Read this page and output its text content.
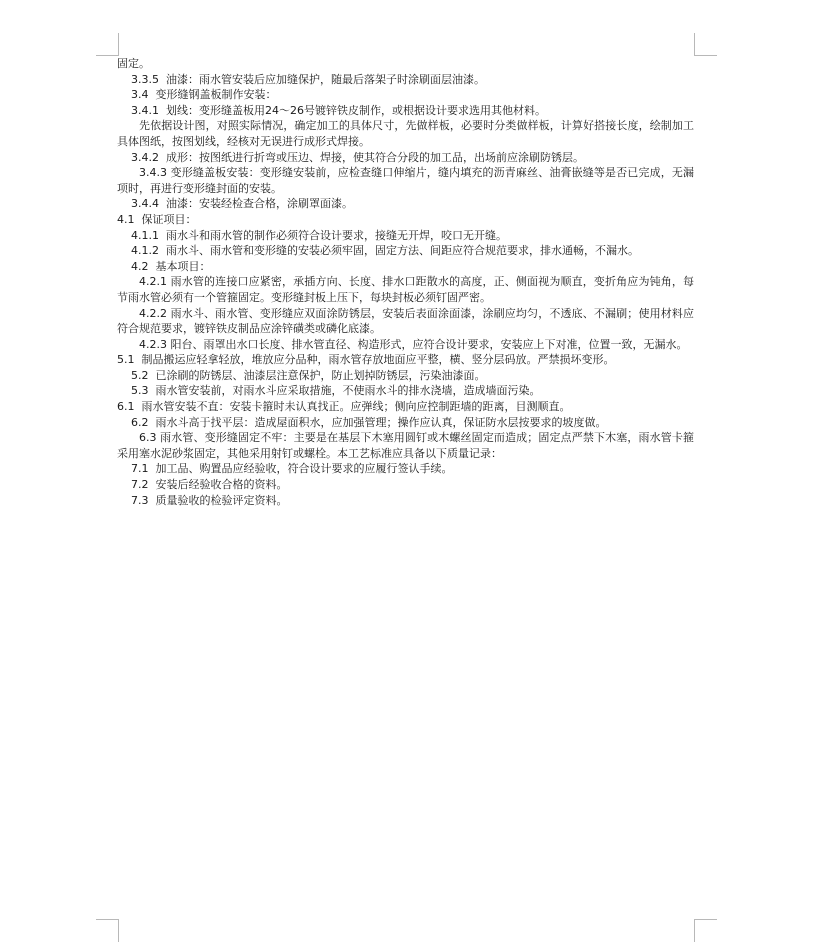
固定。
3.3.5  油漆：雨水管安装后应加缝保护，随最后落架子时涂刷面层油漆。
3.4  变形缝钢盖板制作安装：
3.4.1  划线：变形缝盖板用24～26号镀锌铁皮制作，或根据设计要求选用其他材料。
先依据设计图，对照实际情况，确定加工的具体尺寸，先做样板，必要时分类做样板，计算好搭接长度，绘制加工具体图纸，按图划线，经核对无误进行成形式焊接。
3.4.2  成形：按图纸进行折弯或压边、焊接，使其符合分段的加工品，出场前应涂刷防锈层。
3.4.3 变形缝盖板安装：变形缝安装前，应检查缝口伸缩片，缝内填充的沥青麻丝、油膏嵌缝等是否已完成，无漏项时，再进行变形缝封面的安装。
3.4.4  油漆：安装经检查合格，涂刷罩面漆。
4.1  保证项目：
4.1.1  雨水斗和雨水管的制作必须符合设计要求，接缝无开焊，咬口无开缝。
4.1.2  雨水斗、雨水管和变形缝的安装必须牢固，固定方法、间距应符合规范要求，排水通畅，不漏水。
4.2  基本项目：
4.2.1 雨水管的连接口应紧密，承插方向、长度、排水口距散水的高度，正、侧面视为顺直，变折角应为钝角，每节雨水管必须有一个管箍固定。变形缝封板上压下，每块封板必须钉固严密。
4.2.2 雨水斗、雨水管、变形缝应双面涂防锈层，安装后表面涂面漆，涂刷应均匀，不透底、不漏刷；使用材料应符合规范要求，镀锌铁皮制品应涂锌磺类或磷化底漆。
4.2.3 阳台、雨罩出水口长度、排水管直径、构造形式，应符合设计要求，安装应上下对准，位置一致，无漏水。
5.1  制品搬运应轻拿轻放，堆放应分品种，雨水管存放地面应平整，横、竖分层码放。严禁损坏变形。
5.2  已涂刷的防锈层、油漆层注意保护，防止划掉防锈层，污染油漆面。
5.3  雨水管安装前，对雨水斗应采取措施，不使雨水斗的排水浇墙，造成墙面污染。
6.1  雨水管安装不直：安装卡箍时未认真找正。应弹线；侧向应控制距墙的距离，目测顺直。
6.2  雨水斗高于找平层：造成屋面积水，应加强管理；操作应认真，保证防水层按要求的坡度做。
6.3 雨水管、变形缝固定不牢：主要是在基层下木塞用圆钉或木螺丝固定而造成；固定点严禁下木塞，雨水管卡箍采用塞水泥砂浆固定，其他采用射钉或螺栓。本工艺标准应具备以下质量记录：
7.1  加工品、购置品应经验收，符合设计要求的应履行签认手续。
7.2  安装后经验收合格的资料。
7.3  质量验收的检验评定资料。
